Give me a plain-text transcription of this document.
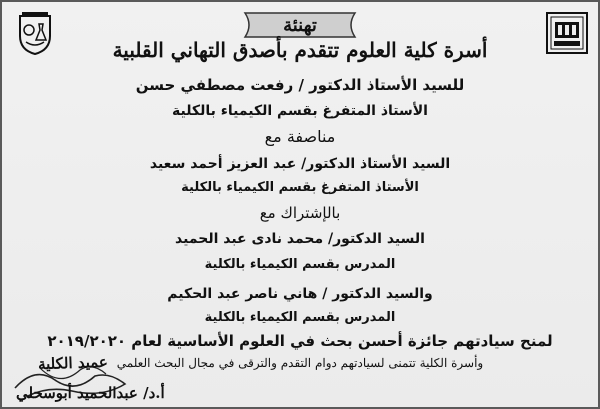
تهنئة
أسرة كلية العلوم تتقدم بأصدق التهاني القلبية
للسيد الأستاذ الدكتور / رفعت مصطفي حسن
الأستاذ المتفرغ بقسم الكيمياء بالكلية
مناصفة مع
السيد الأستاذ الدكتور/ عبد العزيز أحمد سعيد
الأستاذ المتفرغ بقسم الكيمياء بالكلية
بالإشتراك مع
السيد الدكتور/ محمد نادى عبد الحميد
المدرس بقسم الكيمياء بالكلية
والسيد الدكتور / هاني ناصر عبد الحكيم
المدرس بقسم الكيمياء بالكلية
لمنح سيادتهم جائزة أحسن بحث في العلوم الأساسية لعام ٢٠١٩/٢٠٢٠
وأسرة الكلية تتمنى لسيادتهم دوام التقدم والترقى في مجال البحث العلمي
عميد الكلية
أ.د/ عبدالحميد أبوسحلي
